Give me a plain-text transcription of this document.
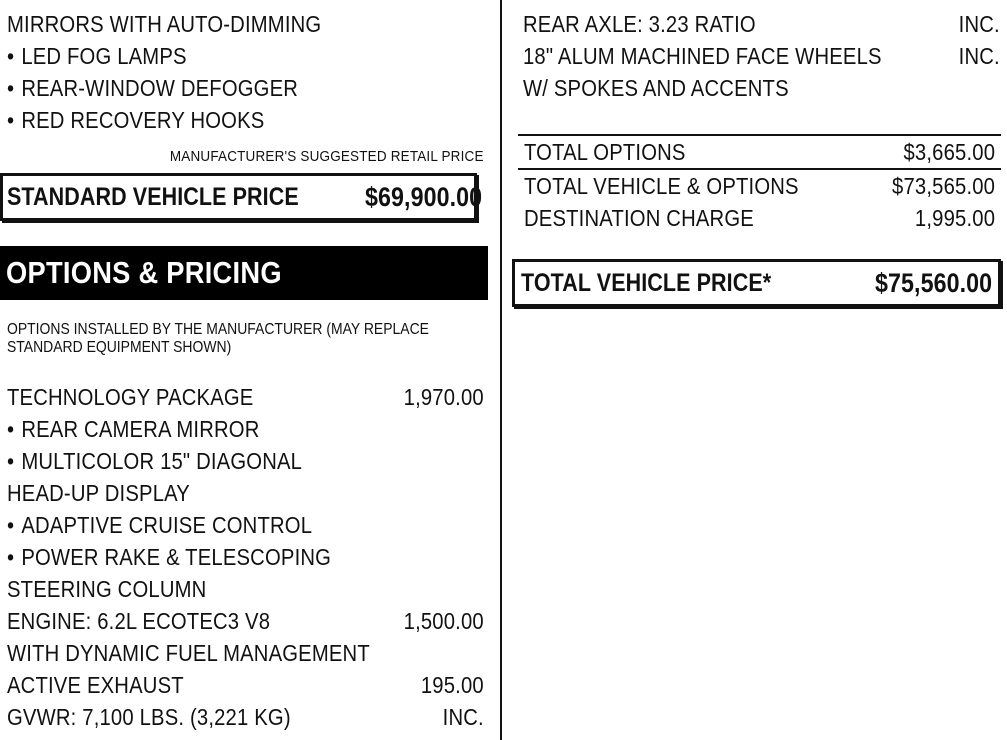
MIRRORS WITH AUTO-DIMMING
• LED FOG LAMPS
• REAR-WINDOW DEFOGGER
• RED RECOVERY HOOKS
MANUFACTURER'S SUGGESTED RETAIL PRICE
STANDARD VEHICLE PRICE $69,900.00
OPTIONS & PRICING
OPTIONS INSTALLED BY THE MANUFACTURER (MAY REPLACE STANDARD EQUIPMENT SHOWN)
TECHNOLOGY PACKAGE	1,970.00
• REAR CAMERA MIRROR
• MULTICOLOR 15" DIAGONAL
HEAD-UP DISPLAY
• ADAPTIVE CRUISE CONTROL
• POWER RAKE & TELESCOPING
STEERING COLUMN
ENGINE: 6.2L ECOTEC3 V8	1,500.00
WITH DYNAMIC FUEL MANAGEMENT
ACTIVE EXHAUST	195.00
GVWR: 7,100 LBS. (3,221 KG)	INC.
REAR AXLE: 3.23 RATIO	INC.
18" ALUM MACHINED FACE WHEELS	INC.
W/ SPOKES AND ACCENTS
TOTAL OPTIONS	$3,665.00
TOTAL VEHICLE & OPTIONS	$73,565.00
DESTINATION CHARGE	1,995.00
TOTAL VEHICLE PRICE*	$75,560.00
